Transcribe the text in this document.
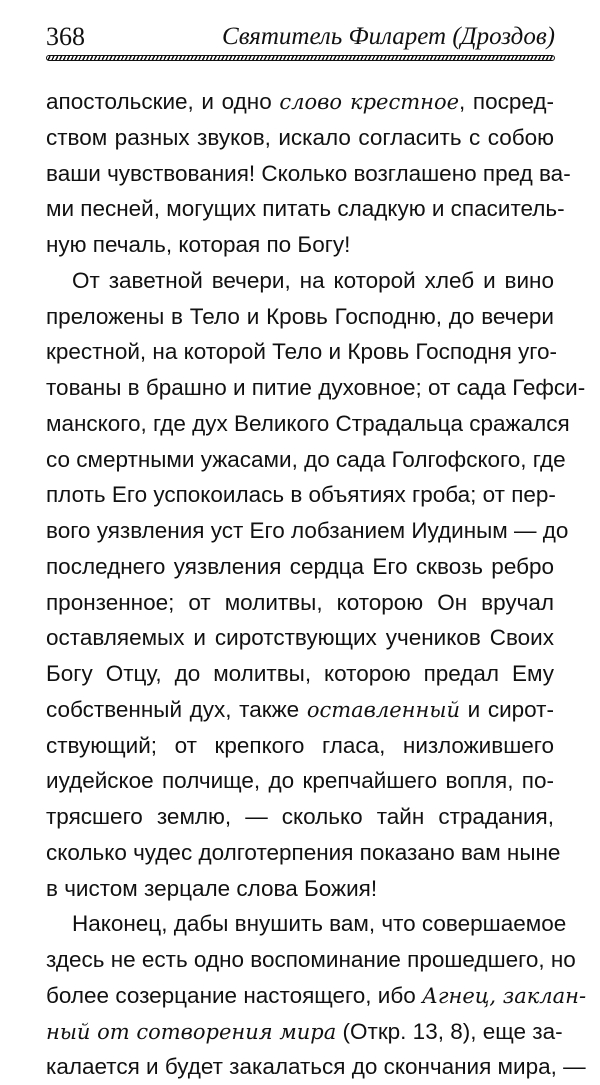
368	Святитель Филарет (Дроздов)
апостольские, и одно слово крестное, посред-
ством разных звуков, искало согласить с собою
ваши чувствования! Сколько возглашено пред ва-
ми песней, могущих питать сладкую и спаситель-
ную печаль, которая по Богу!
От заветной вечери, на которой хлеб и вино
преложены в Тело и Кровь Господню, до вечери
крестной, на которой Тело и Кровь Господня уго-
тованы в брашно и питие духовное; от сада Гефси-
манского, где дух Великого Страдальца сражался
со смертными ужасами, до сада Голгофского, где
плоть Его успокоилась в объятиях гроба; от пер-
вого уязвления уст Его лобзанием Иудиным — до
последнего уязвления сердца Его сквозь ребро
пронзенное; от молитвы, которою Он вручал
оставляемых и сиротствующих учеников Своих
Богу Отцу, до молитвы, которою предал Ему
собственный дух, также оставленный и сирот-
ствующий; от крепкого гласа, низложившего
иудейское полчище, до крепчайшего вопля, по-
трясшего землю, — сколько тайн страдания,
сколько чудес долготерпения показано вам ныне
в чистом зерцале слова Божия!
Наконец, дабы внушить вам, что совершаемое
здесь не есть одно воспоминание прошедшего, но
более созерцание настоящего, ибо Агнец, заклан-
ный от сотворения мира (Откр. 13, 8), еще за-
калается и будет закалаться до скончания мира, —
